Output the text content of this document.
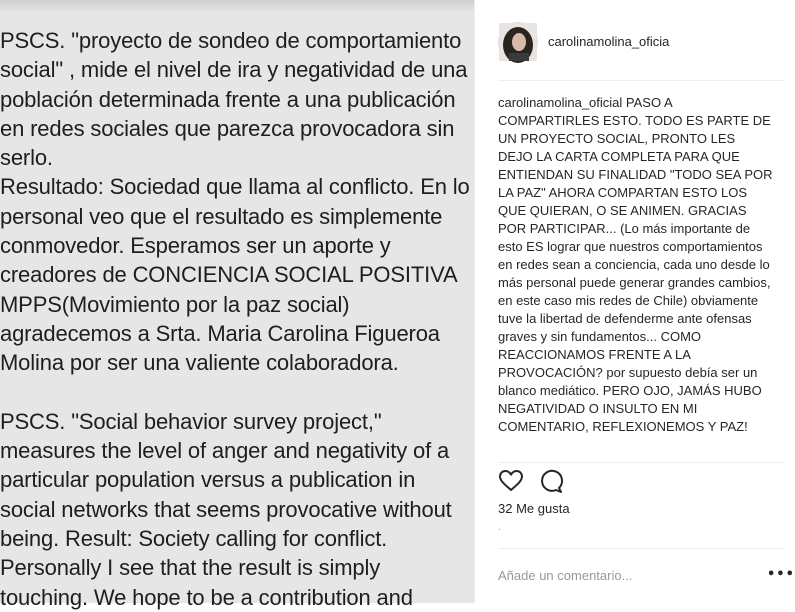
PSCS. "proyecto de sondeo de comportamiento
social" , mide el nivel de ira y negatividad de una
población determinada frente a una publicación
en redes sociales que parezca provocadora sin
serlo.
Resultado: Sociedad que llama al conflicto. En lo
personal veo que el resultado es simplemente
conmovedor. Esperamos ser un aporte y
creadores de CONCIENCIA SOCIAL POSITIVA
MPPS(Movimiento por la paz social)
agradecemos a Srta. Maria Carolina Figueroa
Molina por ser una valiente colaboradora.

PSCS. "Social behavior survey project,"
measures the level of anger and negativity of a
particular population versus a publication in
social networks that seems provocative without
being. Result: Society calling for conflict.
Personally I see that the result is simply
touching. We hope to be a contribution and
carolinamolina_oficia
carolinamolina_oficial PASO A COMPARTIRLES ESTO. TODO ES PARTE DE UN PROYECTO SOCIAL, PRONTO LES DEJO LA CARTA COMPLETA PARA QUE ENTIENDAN SU FINALIDAD "TODO SEA POR LA PAZ" AHORA COMPARTAN ESTO LOS QUE QUIERAN, O SE ANIMEN. GRACIAS POR PARTICIPAR... (Lo más importante de esto ES lograr que nuestros comportamientos en redes sean a conciencia, cada uno desde lo más personal puede generar grandes cambios, en este caso mis redes de Chile) obviamente tuve la libertad de defenderme ante ofensas graves y sin fundamentos... COMO REACCIONAMOS FRENTE A LA PROVOCACIÓN? por supuesto debía ser un blanco mediático. PERO OJO, JAMÁS HUBO NEGATIVIDAD O INSULTO EN MI COMENTARIO, REFLEXIONEMOS Y PAZ!
32 Me gusta
.
Añade un comentario...
•••
